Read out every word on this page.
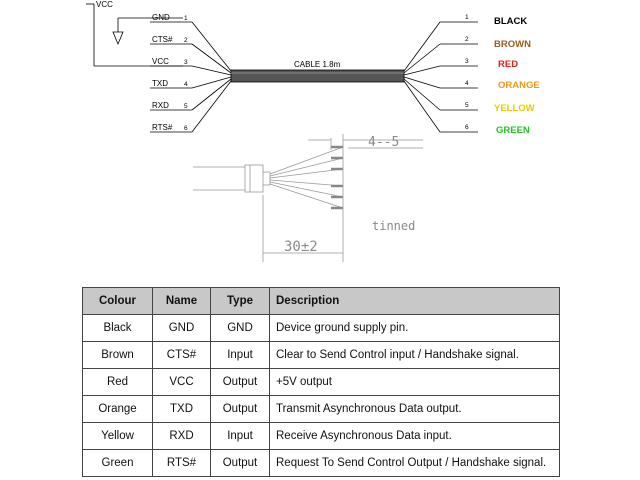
VCC
GND 1
CTS# 2
VCC 3
TXD 4
RXD 5
RTS# 6
CABLE 1.8m
1
2
3
4
5
6
BLACK
BROWN
RED
ORANGE
YELLOW
GREEN
4--5
30±2
tinned
Colour	Name	Type	Description
Black	GND	GND	Device ground supply pin.
Brown	CTS#	Input	Clear to Send Control input / Handshake signal.
Red	VCC	Output	+5V output
Orange	TXD	Output	Transmit Asynchronous Data output.
Yellow	RXD	Input	Receive Asynchronous Data input.
Green	RTS#	Output	Request To Send Control Output / Handshake signal.
